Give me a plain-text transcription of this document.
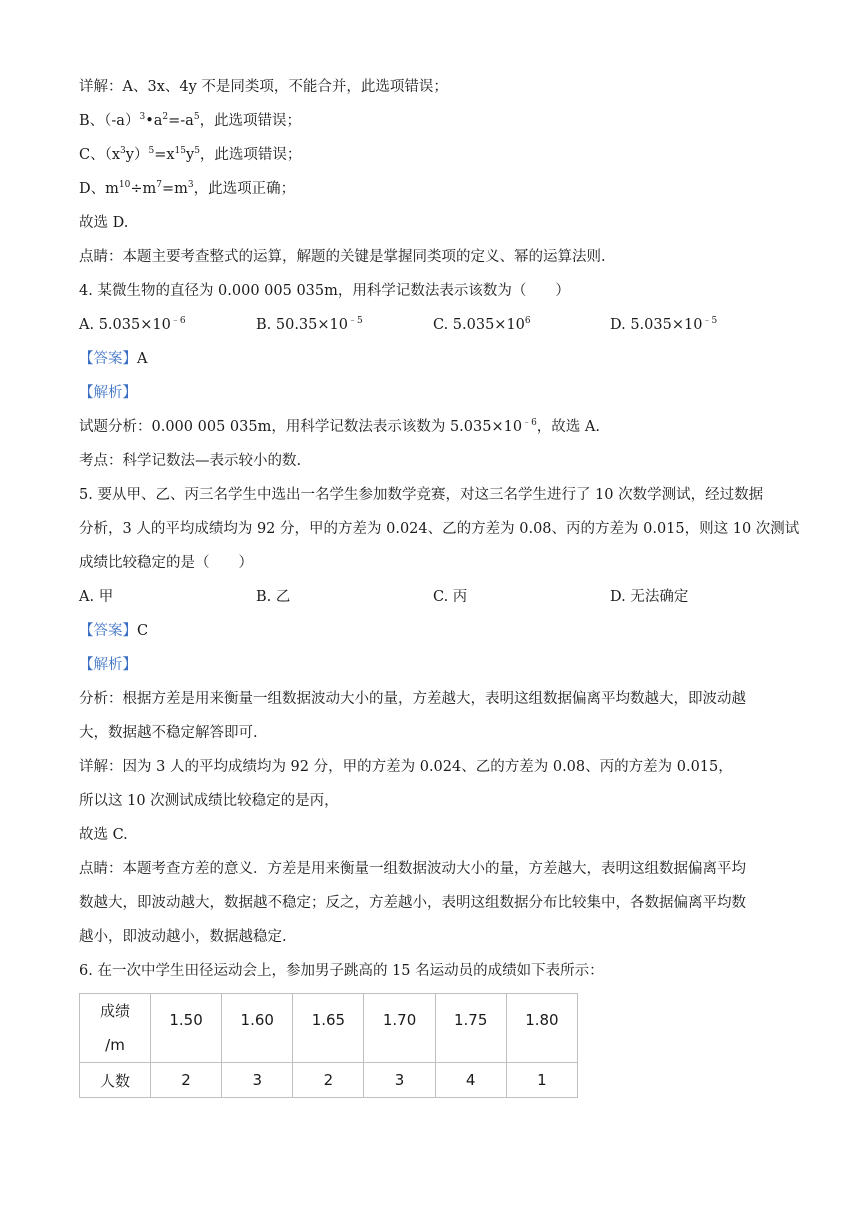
详解：A、3x、4y 不是同类项，不能合并，此选项错误；
B、$(-a)^3•a^2=-a^5$，此选项错误；
C、$(x^3y)^5=x^{15}y^5$，此选项错误；
D、$m^{10}\div m^7=m^3$，此选项正确；
故选 D.
点睛：本题主要考查整式的运算，解题的关键是掌握同类项的定义、幂的运算法则.
4. 某微生物的直径为 0.000 005 035m，用科学记数法表示该数为（　　）
A. $5.035\times 10^{﹣6}$	B. $50.35\times 10^{﹣5}$	C. $5.035\times 10^6$	D. $5.035\times 10^{﹣5}$
【答案】A
【解析】
试题分析：0.000 005 035m，用科学记数法表示该数为 $5.035\times 10^{﹣6}$，故选 A.
考点：科学记数法—表示较小的数.
5. 要从甲、乙、丙三名学生中选出一名学生参加数学竞赛，对这三名学生进行了 10 次数学测试，经过数据
分析，3 人的平均成绩均为 92 分，甲的方差为 0.024、乙的方差为 0.08、丙的方差为 0.015，则这 10 次测试
成绩比较稳定的是（　　）
A. 甲	B. 乙	C. 丙	D. 无法确定
【答案】C
【解析】
分析：根据方差是用来衡量一组数据波动大小的量，方差越大，表明这组数据偏离平均数越大，即波动越
大，数据越不稳定解答即可.
详解：因为 3 人的平均成绩均为 92 分，甲的方差为 0.024、乙的方差为 0.08、丙的方差为 0.015，
所以这 10 次测试成绩比较稳定的是丙，
故选 C.
点睛：本题考查方差的意义．方差是用来衡量一组数据波动大小的量，方差越大，表明这组数据偏离平均
数越大，即波动越大，数据越不稳定；反之，方差越小，表明这组数据分布比较集中，各数据偏离平均数
越小，即波动越小，数据越稳定.
6. 在一次中学生田径运动会上，参加男子跳高的 15 名运动员的成绩如下表所示：
成绩
/m	1.50	1.60	1.65	1.70	1.75	1.80

人数	2	3	2	3	4	1
